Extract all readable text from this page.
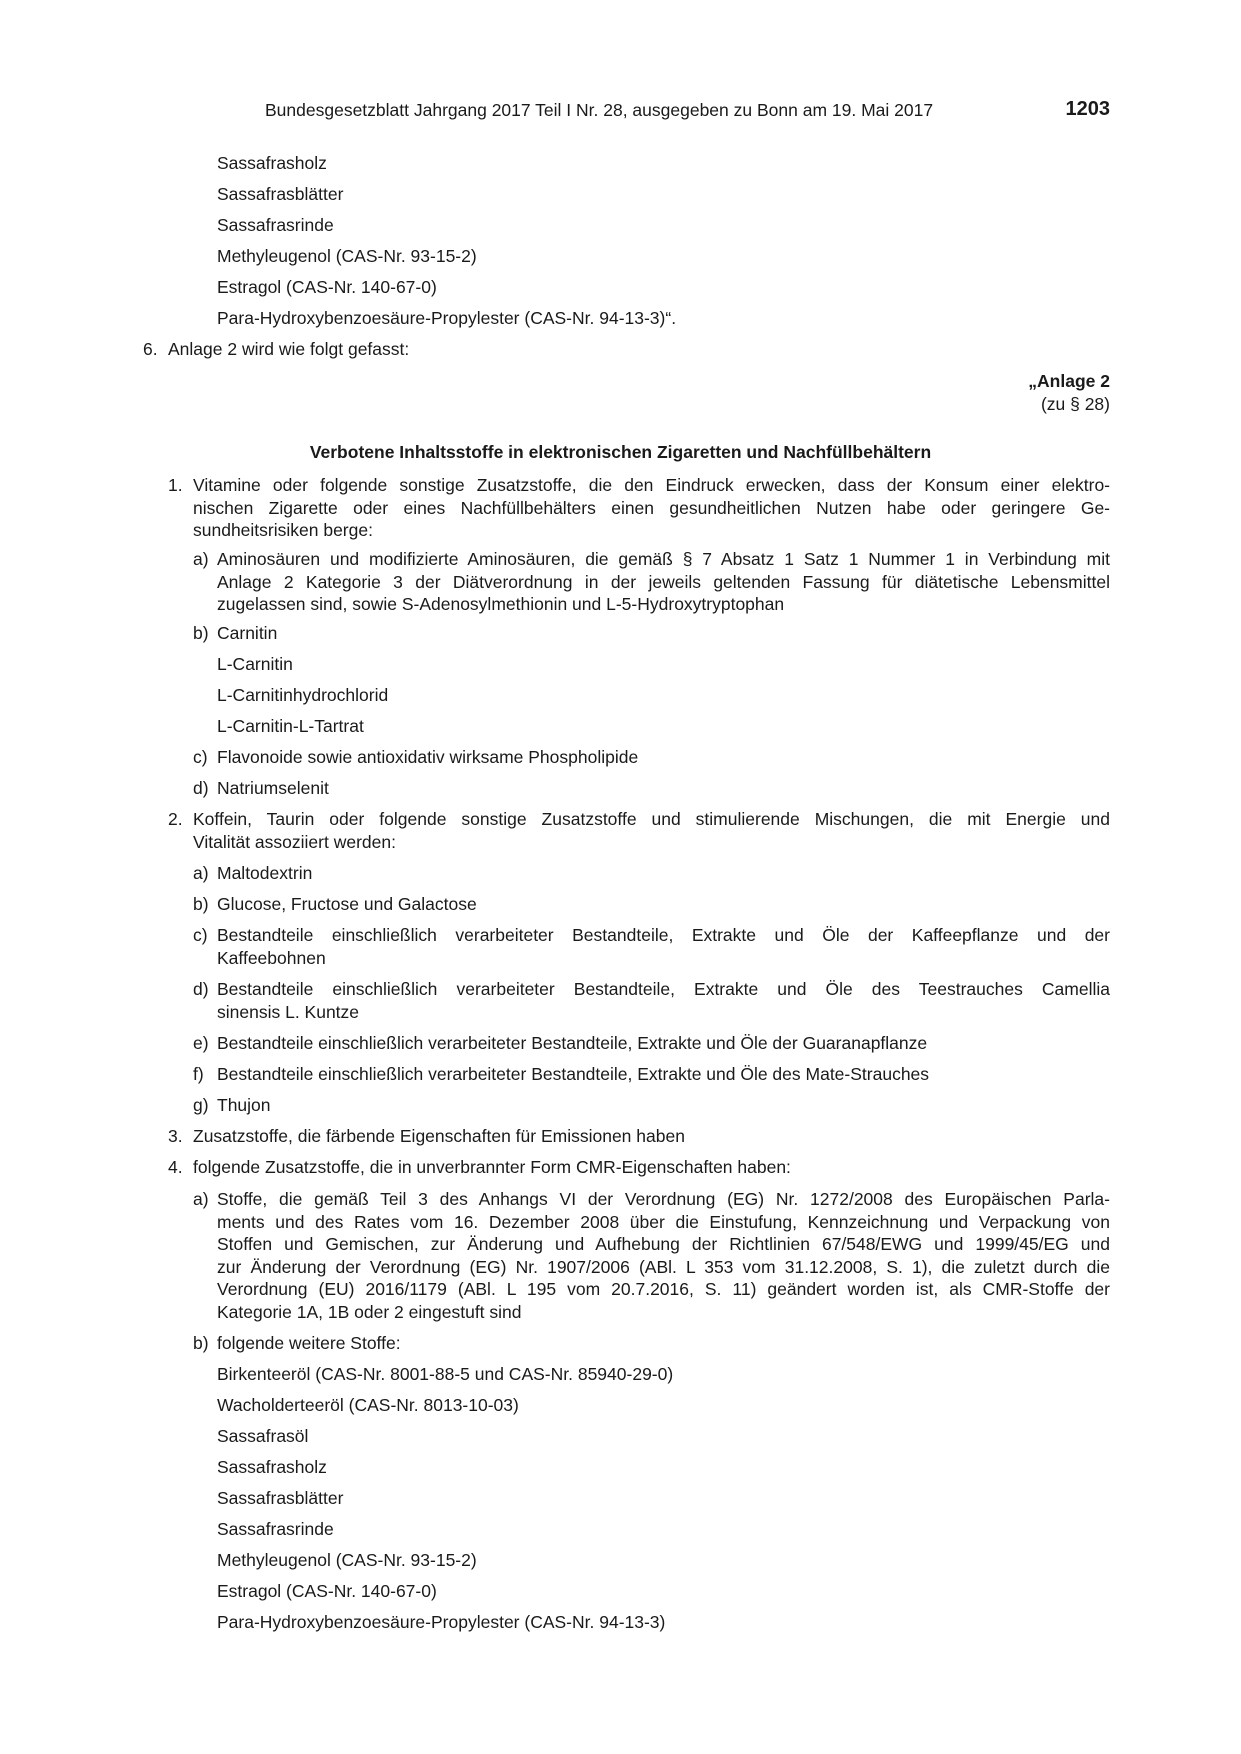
Bundesgesetzblatt Jahrgang 2017 Teil I Nr. 28, ausgegeben zu Bonn am 19. Mai 2017	1203
Sassafrasholz
Sassafrasblätter
Sassafrasrinde
Methyleugenol (CAS-Nr. 93-15-2)
Estragol (CAS-Nr. 140-67-0)
Para-Hydroxybenzoesäure-Propylester (CAS-Nr. 94-13-3)“.
6. Anlage 2 wird wie folgt gefasst:
„Anlage 2
(zu § 28)
Verbotene Inhaltsstoffe in elektronischen Zigaretten und Nachfüllbehältern
1. Vitamine oder folgende sonstige Zusatzstoffe, die den Eindruck erwecken, dass der Konsum einer elektro-
nischen Zigarette oder eines Nachfüllbehälters einen gesundheitlichen Nutzen habe oder geringere Ge-
sundheitsrisiken berge:
a) Aminosäuren und modifizierte Aminosäuren, die gemäß § 7 Absatz 1 Satz 1 Nummer 1 in Verbindung mit
Anlage 2 Kategorie 3 der Diätverordnung in der jeweils geltenden Fassung für diätetische Lebensmittel
zugelassen sind, sowie S-Adenosylmethionin und L-5-Hydroxytryptophan
b) Carnitin
L-Carnitin
L-Carnitinhydrochlorid
L-Carnitin-L-Tartrat
c) Flavonoide sowie antioxidativ wirksame Phospholipide
d) Natriumselenit
2. Koffein, Taurin oder folgende sonstige Zusatzstoffe und stimulierende Mischungen, die mit Energie und
Vitalität assoziiert werden:
a) Maltodextrin
b) Glucose, Fructose und Galactose
c) Bestandteile einschließlich verarbeiteter Bestandteile, Extrakte und Öle der Kaffeepflanze und der
Kaffeebohnen
d) Bestandteile einschließlich verarbeiteter Bestandteile, Extrakte und Öle des Teestrauches Camellia
sinensis L. Kuntze
e) Bestandteile einschließlich verarbeiteter Bestandteile, Extrakte und Öle der Guaranapflanze
f) Bestandteile einschließlich verarbeiteter Bestandteile, Extrakte und Öle des Mate-Strauches
g) Thujon
3. Zusatzstoffe, die färbende Eigenschaften für Emissionen haben
4. folgende Zusatzstoffe, die in unverbrannter Form CMR-Eigenschaften haben:
a) Stoffe, die gemäß Teil 3 des Anhangs VI der Verordnung (EG) Nr. 1272/2008 des Europäischen Parla-
ments und des Rates vom 16. Dezember 2008 über die Einstufung, Kennzeichnung und Verpackung von
Stoffen und Gemischen, zur Änderung und Aufhebung der Richtlinien 67/548/EWG und 1999/45/EG und
zur Änderung der Verordnung (EG) Nr. 1907/2006 (ABl. L 353 vom 31.12.2008, S. 1), die zuletzt durch die
Verordnung (EU) 2016/1179 (ABl. L 195 vom 20.7.2016, S. 11) geändert worden ist, als CMR-Stoffe der
Kategorie 1A, 1B oder 2 eingestuft sind
b) folgende weitere Stoffe:
Birkenteeröl (CAS-Nr. 8001-88-5 und CAS-Nr. 85940-29-0)
Wacholderteeröl (CAS-Nr. 8013-10-03)
Sassafrasöl
Sassafrasholz
Sassafrasblätter
Sassafrasrinde
Methyleugenol (CAS-Nr. 93-15-2)
Estragol (CAS-Nr. 140-67-0)
Para-Hydroxybenzoesäure-Propylester (CAS-Nr. 94-13-3)
